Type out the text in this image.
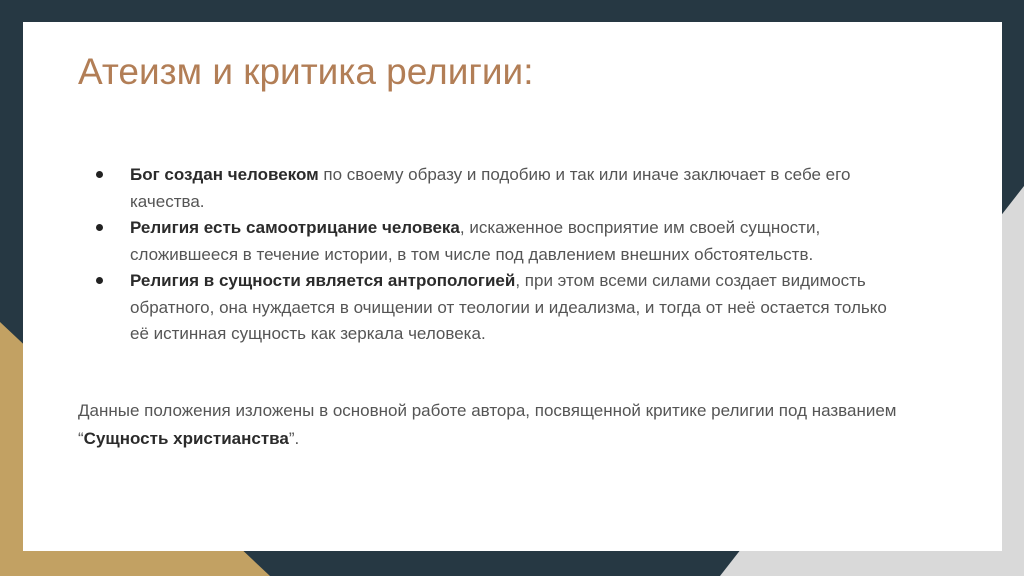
Атеизм и критика религии:
Бог создан человеком по своему образу и подобию и так или иначе заключает в себе его качества.
Религия есть самоотрицание человека, искаженное восприятие им своей сущности, сложившееся в течение истории, в том числе под давлением внешних обстоятельств.
Религия в сущности является антропологией, при этом всеми силами создает видимость обратного, она нуждается в очищении от теологии и идеализма, и тогда от неё остается только её истинная сущность как зеркала человека.

Данные положения изложены в основной работе автора, посвященной критике религии под названием “Сущность христианства”.
